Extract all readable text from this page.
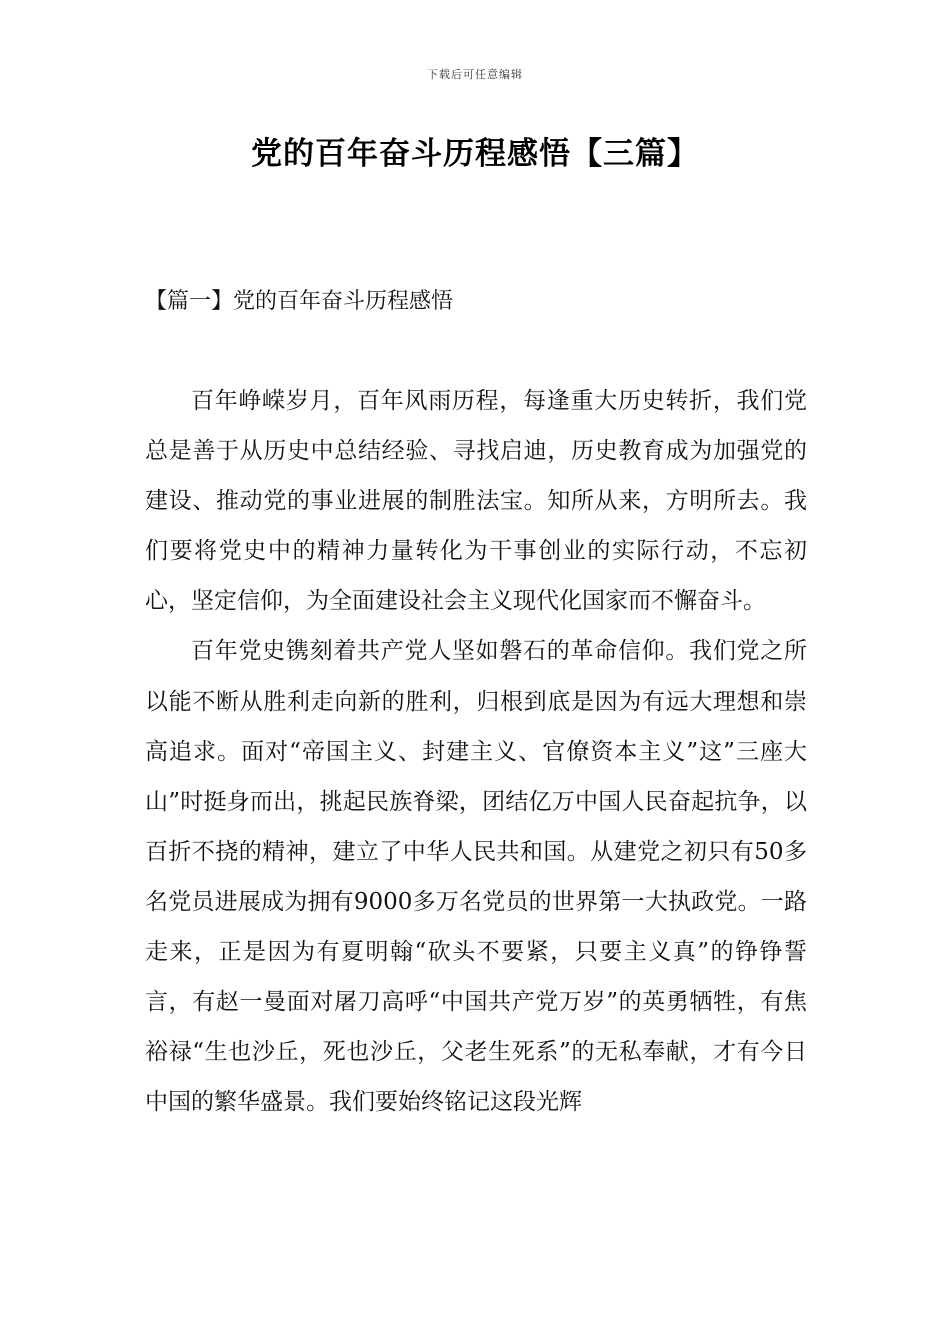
下载后可任意编辑
党的百年奋斗历程感悟【三篇】
【篇一】党的百年奋斗历程感悟

百年峥嵘岁月，百年风雨历程，每逢重大历史转折，我们党总是善于从历史中总结经验、寻找启迪，历史教育成为加强党的建设、推动党的事业进展的制胜法宝。知所从来，方明所去。我们要将党史中的精神力量转化为干事创业的实际行动，不忘初心，坚定信仰，为全面建设社会主义现代化国家而不懈奋斗。

百年党史镌刻着共产党人坚如磐石的革命信仰。我们党之所以能不断从胜利走向新的胜利，归根到底是因为有远大理想和崇高追求。面对“帝国主义、封建主义、官僚资本主义”这”三座大山”时挺身而出，挑起民族脊梁，团结亿万中国人民奋起抗争，以百折不挠的精神，建立了中华人民共和国。从建党之初只有50多名党员进展成为拥有9000多万名党员的世界第一大执政党。一路走来，正是因为有夏明翰“砍头不要紧，只要主义真”的铮铮誓言，有赵一曼面对屠刀高呼“中国共产党万岁”的英勇牺牲，有焦裕禄“生也沙丘，死也沙丘，父老生死系”的无私奉献，才有今日中国的繁华盛景。我们要始终铭记这段光辉
